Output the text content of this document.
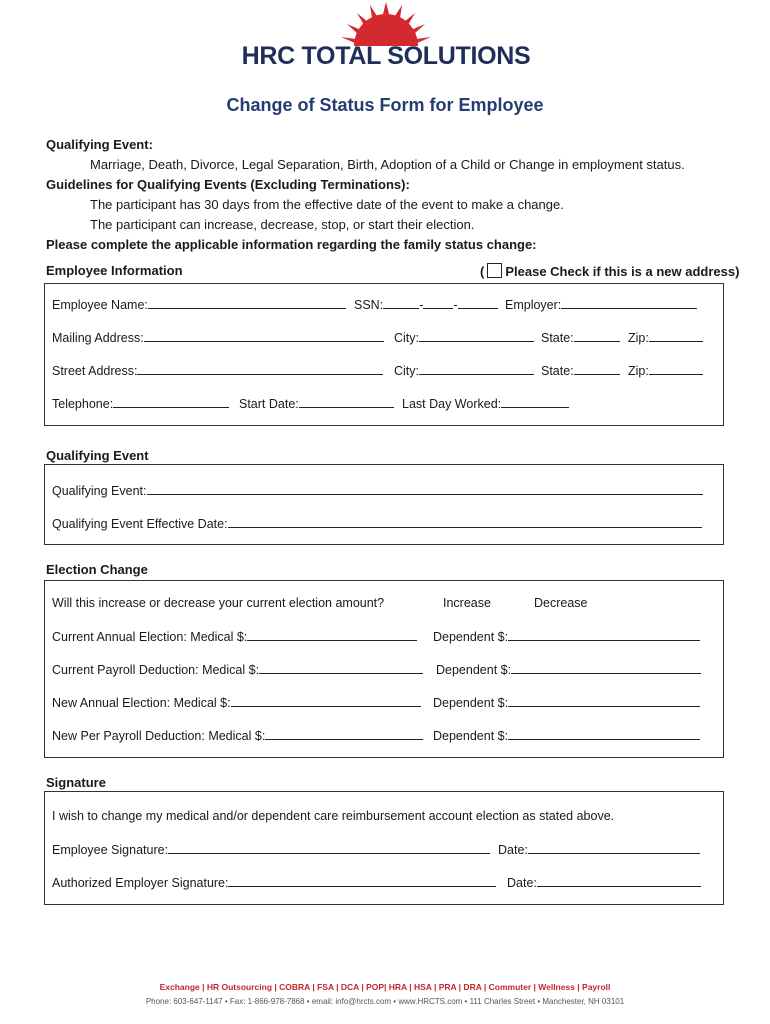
HRC TOTAL SOLUTIONS
Change of Status Form for Employee
Qualifying Event:
Marriage, Death, Divorce, Legal Separation, Birth, Adoption of a Child or Change in employment status.
Guidelines for Qualifying Events (Excluding Terminations):
The participant has 30 days from the effective date of the event to make a change.
The participant can increase, decrease, stop, or start their election.
Please complete the applicable information regarding the family status change:
Employee Information	( Please Check if this is a new address)
Employee Name:	SSN:	- -	Employer:
Mailing Address:	City:	State:	Zip:
Street Address:	City:	State:	Zip:
Telephone:	Start Date:	Last Day Worked:
Qualifying Event
Qualifying Event:
Qualifying Event Effective Date:
Election Change
Will this increase or decrease your current election amount?	Increase	Decrease
Current Annual Election: Medical $:	Dependent $:
Current Payroll Deduction: Medical $:	Dependent $:
New Annual Election: Medical $:	Dependent $:
New Per Payroll Deduction: Medical $:	Dependent $:
Signature
I wish to change my medical and/or dependent care reimbursement account election as stated above.
Employee Signature:	Date:
Authorized Employer Signature:	Date:
Exchange | HR Outsourcing | COBRA | FSA | DCA | POP| HRA | HSA | PRA | DRA | Commuter | Wellness | Payroll
Phone: 603-647-1147 • Fax: 1-866-978-7868 • email: info@hrcts.com • www.HRCTS.com • 111 Charles Street • Manchester, NH 03101
